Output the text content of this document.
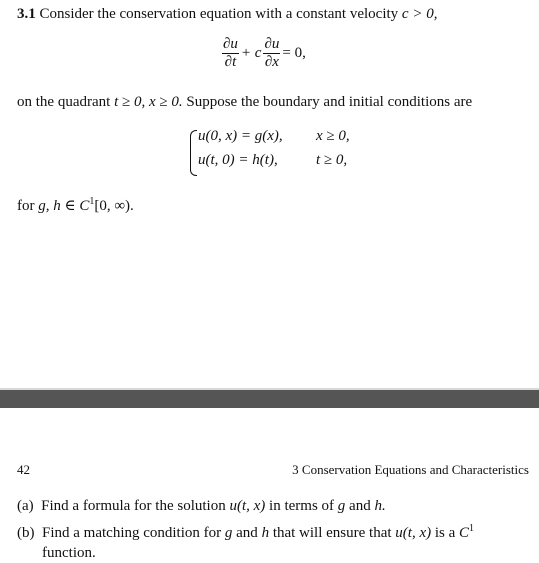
3.1 Consider the conservation equation with a constant velocity c > 0,
$\frac{\partial u}{\partial t} + c \frac{\partial u}{\partial x} = 0$,
on the quadrant t ≥ 0, x ≥ 0. Suppose the boundary and initial conditions are
u(0, x) = g(x), x ≥ 0,
u(t, 0) = h(t),	t ≥ 0,
for g, h ∈ $C^1[0$, ∞).
42	3 Conservation Equations and Characteristics
(a) Find a formula for the solution u(t, x) in terms of g and h.
(b) Find a matching condition for g and h that will ensure that u(t, x) is a $C^1$
function.
